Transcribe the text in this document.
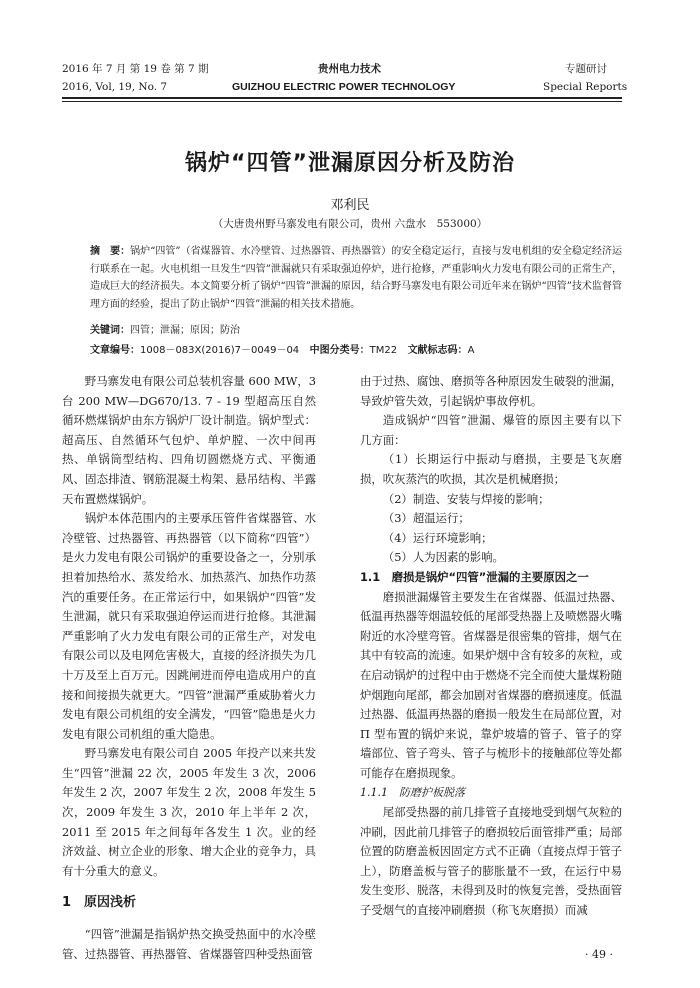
2016 年 7 月 第 19 卷 第 7 期
2016, Vol, 19, No. 7
贵州电力技术
GUIZHOU ELECTRIC POWER TECHNOLOGY
专题研讨
Special Reports
锅炉“四管”泄漏原因分析及防治
邓利民
（大唐贵州野马寨发电有限公司，贵州 六盘水　553000）
摘　要：锅炉“四管”（省煤器管、水冷壁管、过热器管、再热器管）的安全稳定运行，直接与发电机组的安全稳定经济运行联系在一起。火电机组一旦发生“四管”泄漏就只有采取强迫停炉，进行抢修，严重影响火力发电有限公司的正常生产，造成巨大的经济损失。本文简要分析了锅炉“四管”泄漏的原因，结合野马寨发电有限公司近年来在锅炉“四管”技术监督管理方面的经验，提出了防止锅炉“四管”泄漏的相关技术措施。
关键词：四管；泄漏；原因；防治
文章编号：1008－083X(2016)7－0049－04 中图分类号：TM22 文献标志码：A

野马寨发电有限公司总装机容量 600 MW，3 台 200 MW—DG670/13. 7 - 19 型超高压自然循环燃煤锅炉由东方锅炉厂设计制造。锅炉型式：超高压、自然循环气包炉、单炉膛、一次中间再热、单锅筒型结构、四角切圆燃烧方式、平衡通风、固态排渣、钢筋混凝土构架、悬吊结构、半露天布置燃煤锅炉。

锅炉本体范围内的主要承压管件省煤器管、水冷壁管、过热器管、再热器管（以下简称“四管”）是火力发电有限公司锅炉的重要设备之一，分别承担着加热给水、蒸发给水、加热蒸汽、加热作功蒸汽的重要任务。在正常运行中，如果锅炉“四管”发生泄漏，就只有采取强迫停运而进行抢修。其泄漏严重影响了火力发电有限公司的正常生产，对发电有限公司以及电网危害极大，直接的经济损失为几十万及至上百万元。因跳闸进而停电造成用户的直接和间接损失就更大。“四管”泄漏严重威胁着火力发电有限公司机组的安全满发，“四管”隐患是火力发电有限公司机组的重大隐患。

野马寨发电有限公司自 2005 年投产以来共发生“四管”泄漏 22 次，2005 年发生 3 次，2006 年发生 2 次，2007 年发生 2 次，2008 年发生 5 次，2009 年发生 3 次，2010 年上半年 2 次，2011 至 2015 年之间每年各发生 1 次。业的经济效益、树立企业的形象、增大企业的竞争力，具有十分重大的意义。

1　原因浅析

“四管”泄漏是指锅炉热交换受热面中的水冷壁管、过热器管、再热器管、省煤器管四种受热面管

由于过热、腐蚀、磨损等各种原因发生破裂的泄漏，导致炉管失效，引起锅炉事故停机。

造成锅炉“四管”泄漏、爆管的原因主要有以下几方面：

（1）长期运行中振动与磨损，主要是飞灰磨损，吹灰蒸汽的吹损，其次是机械磨损；

（2）制造、安装与焊接的影响；

（3）超温运行；

（4）运行环境影响；

（5）人为因素的影响。

1.1　磨损是锅炉“四管”泄漏的主要原因之一

磨损泄漏爆管主要发生在省煤器、低温过热器、低温再热器等烟温较低的尾部受热器上及喷燃器火嘴附近的水冷壁弯管。省煤器是很密集的管排，烟气在其中有较高的流速。如果炉烟中含有较多的灰粒，或在启动锅炉的过程中由于燃烧不完全而使大量煤粉随炉烟跑向尾部，都会加剧对省煤器的磨损速度。低温过热器、低温再热器的磨损一般发生在局部位置，对 Π 型布置的锅炉来说，靠炉坡墙的管子、管子的穿墙部位、管子弯头、管子与梳形卡的接触部位等处都可能存在磨损现象。

1.1.1　防磨护板脱落

尾部受热器的前几排管子直接地受到烟气灰粒的冲刷，因此前几排管子的磨损较后面管排严重；局部位置的防磨盖板因固定方式不正确（直接点焊于管子上），防磨盖板与管子的膨胀量不一致，在运行中易发生变形、脱落，未得到及时的恢复完善，受热面管子受烟气的直接冲刷磨损（称飞灰磨损）而减

· 49 ·
